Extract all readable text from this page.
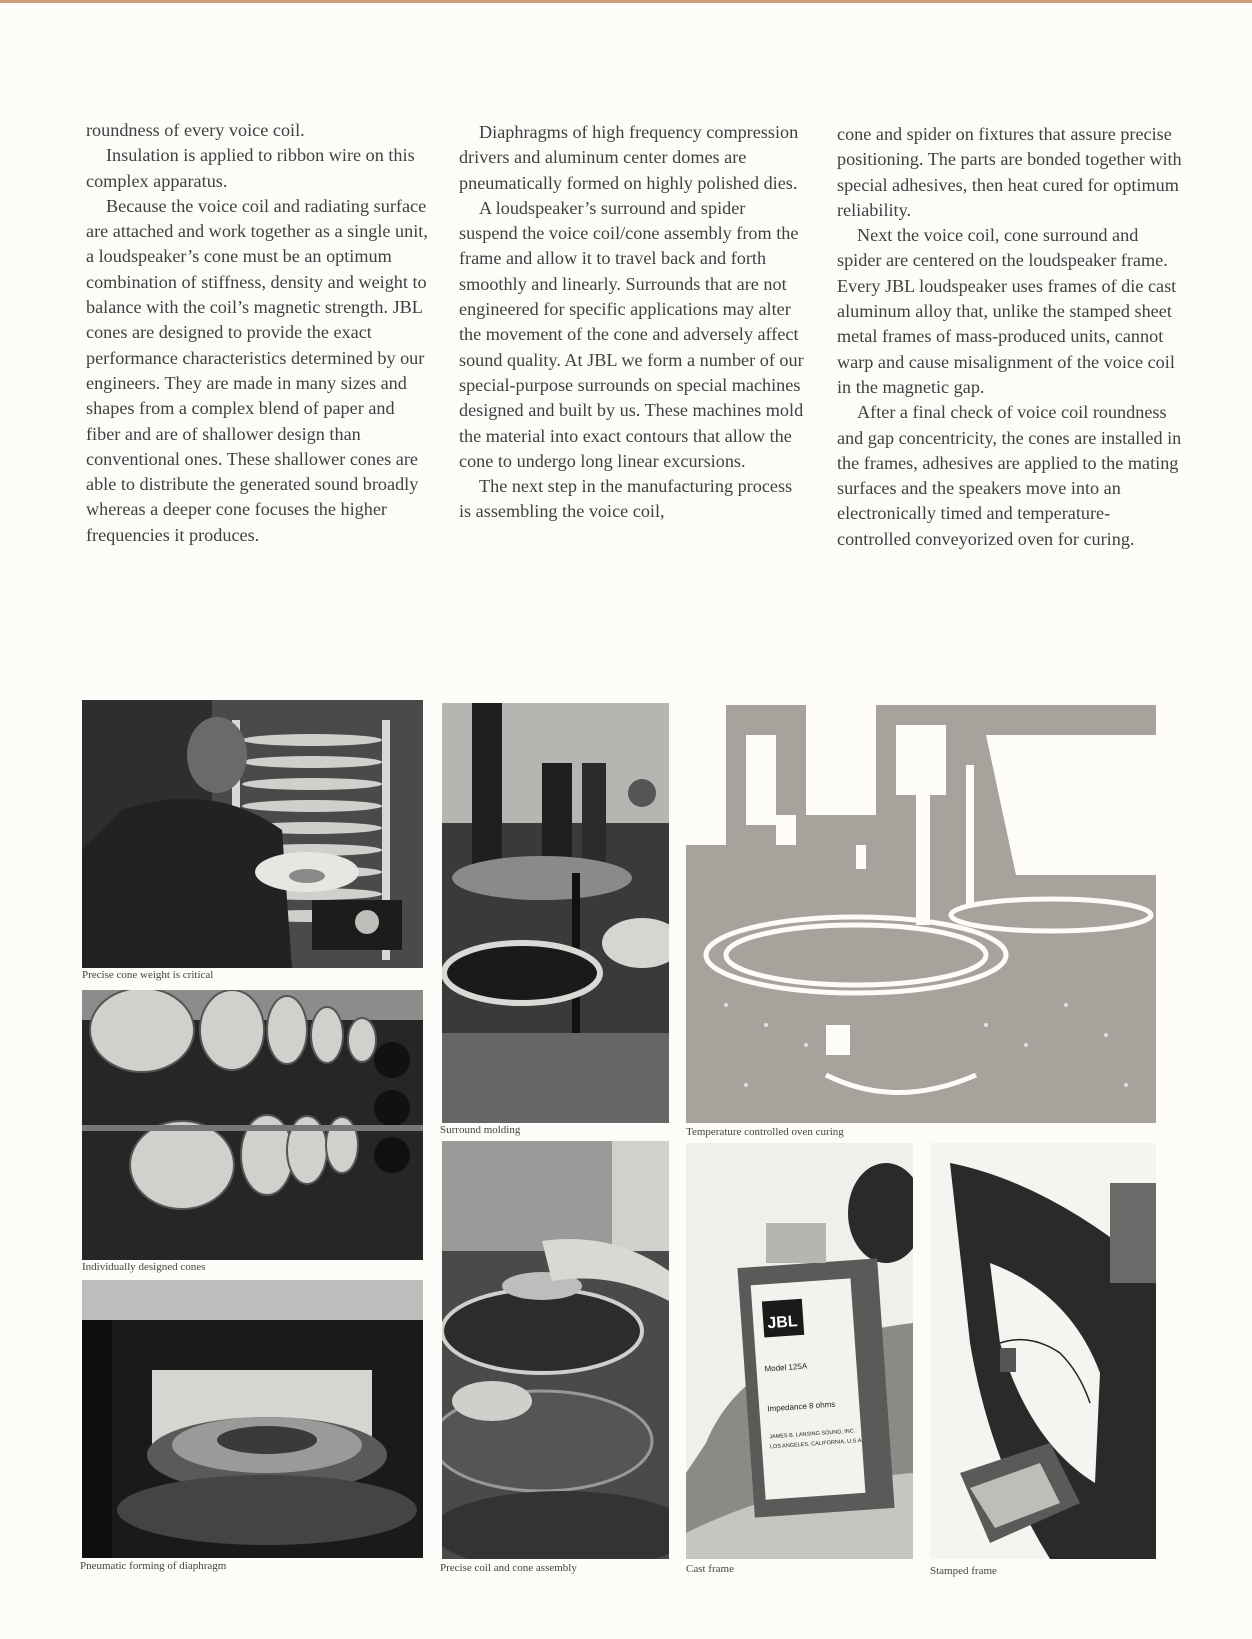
roundness of every voice coil.

Insulation is applied to ribbon wire on this complex apparatus.

Because the voice coil and radiating surface are attached and work together as a single unit, a loudspeaker’s cone must be an optimum combination of stiffness, density and weight to balance with the coil’s magnetic strength. JBL cones are designed to provide the exact performance characteristics determined by our engineers. They are made in many sizes and shapes from a complex blend of paper and fiber and are of shallower design than conventional ones. These shallower cones are able to distribute the generated sound broadly whereas a deeper cone focuses the higher frequencies it produces.

Diaphragms of high frequency compression drivers and aluminum center domes are pneumatically formed on highly polished dies.

A loudspeaker’s surround and spider suspend the voice coil/cone assembly from the frame and allow it to travel back and forth smoothly and linearly. Surrounds that are not engineered for specific applications may alter the movement of the cone and adversely affect sound quality. At JBL we form a number of our special-purpose surrounds on special machines designed and built by us. These machines mold the material into exact contours that allow the cone to undergo long linear excursions.

The next step in the manufacturing process is assembling the voice coil,

cone and spider on fixtures that assure precise positioning. The parts are bonded together with special adhesives, then heat cured for optimum reliability.

Next the voice coil, cone surround and spider are centered on the loudspeaker frame. Every JBL loudspeaker uses frames of die cast aluminum alloy that, unlike the stamped sheet metal frames of mass-produced units, cannot warp and cause misalignment of the voice coil in the magnetic gap.

After a final check of voice coil roundness and gap concentricity, the cones are installed in the frames, adhesives are applied to the mating surfaces and the speakers move into an electronically timed and temperature-controlled conveyorized oven for curing.

Precise cone weight is critical
Individually designed cones
Pneumatic forming of diaphragm
Surround molding
Precise coil and cone assembly
Temperature controlled oven curing
JBL
Model 125A
Impedance 8 ohms
JAMES B. LANSING SOUND, INC.
LOS ANGELES, CALIFORNIA, U.S.A.
Cast frame	Stamped frame
